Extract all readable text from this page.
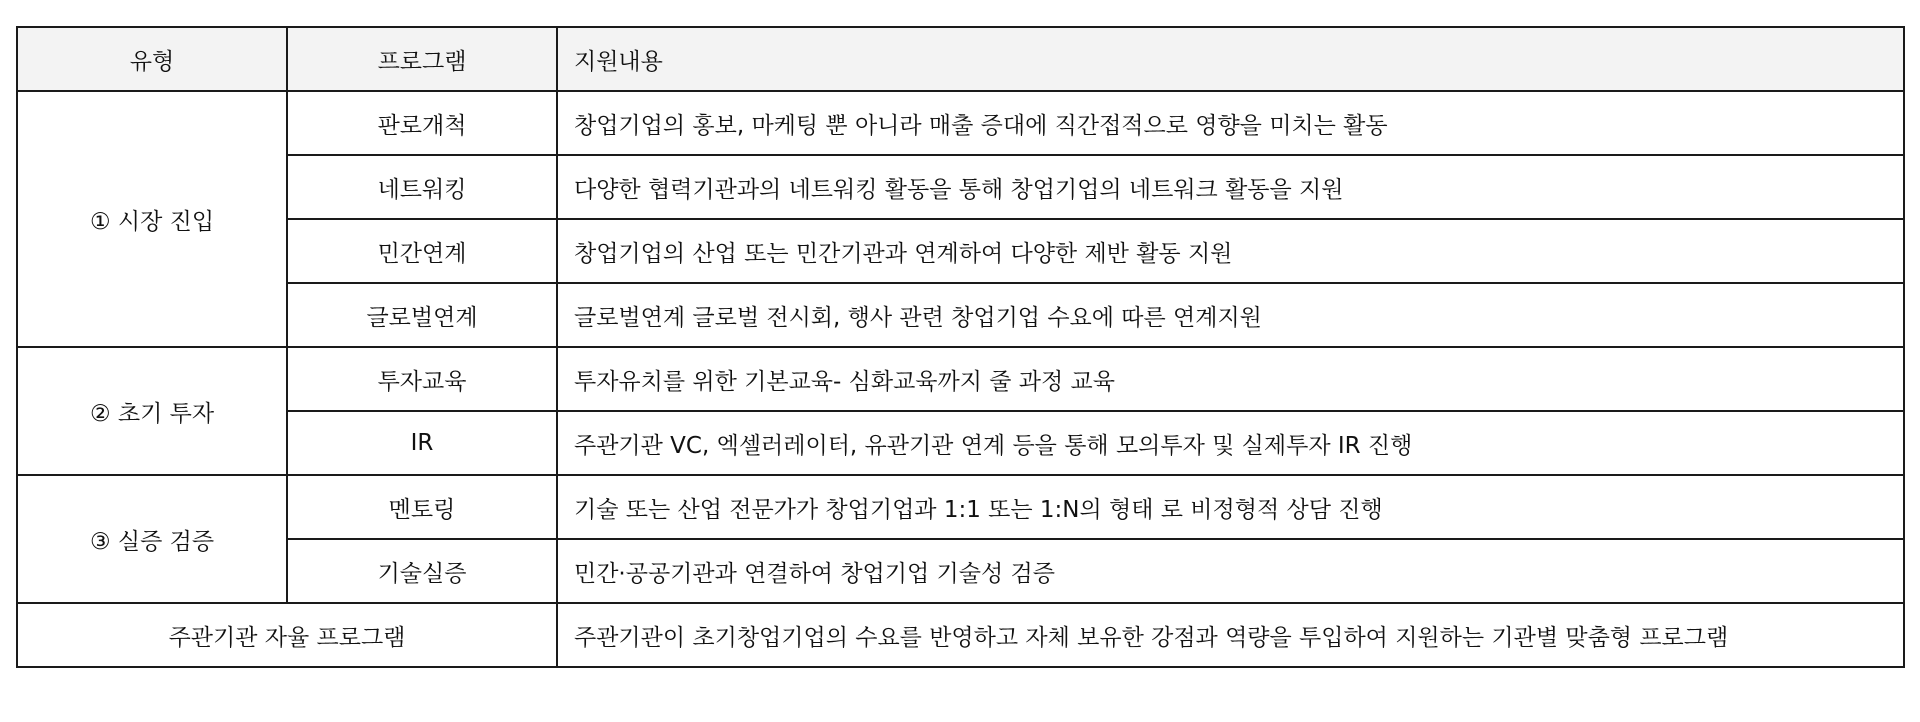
유형	프로그램	지원내용
① 시장 진입	판로개척	창업기업의 홍보, 마케팅 뿐 아니라 매출 증대에 직간접적으로 영향을 미치는 활동
	네트워킹	다양한 협력기관과의 네트워킹 활동을 통해 창업기업의 네트워크 활동을 지원
	민간연계	창업기업의 산업 또는 민간기관과 연계하여 다양한 제반 활동 지원
	글로벌연계	글로벌연계 글로벌 전시회, 행사 관련 창업기업 수요에 따른 연계지원
② 초기 투자	투자교육	투자유치를 위한 기본교육- 심화교육까지 줄 과정 교육
	IR	주관기관 VC, 엑셀러레이터, 유관기관 연계 등을 통해 모의투자 및 실제투자 IR 진행
③ 실증 검증	멘토링	기술 또는 산업 전문가가 창업기업과 1:1 또는 1:N의 형태 로 비정형적 상담 진행
	기술실증	민간·공공기관과 연결하여 창업기업 기술성 검증
주관기관 자율 프로그램		주관기관이 초기창업기업의 수요를 반영하고 자체 보유한 강점과 역량을 투입하여 지원하는 기관별 맞춤형 프로그램
